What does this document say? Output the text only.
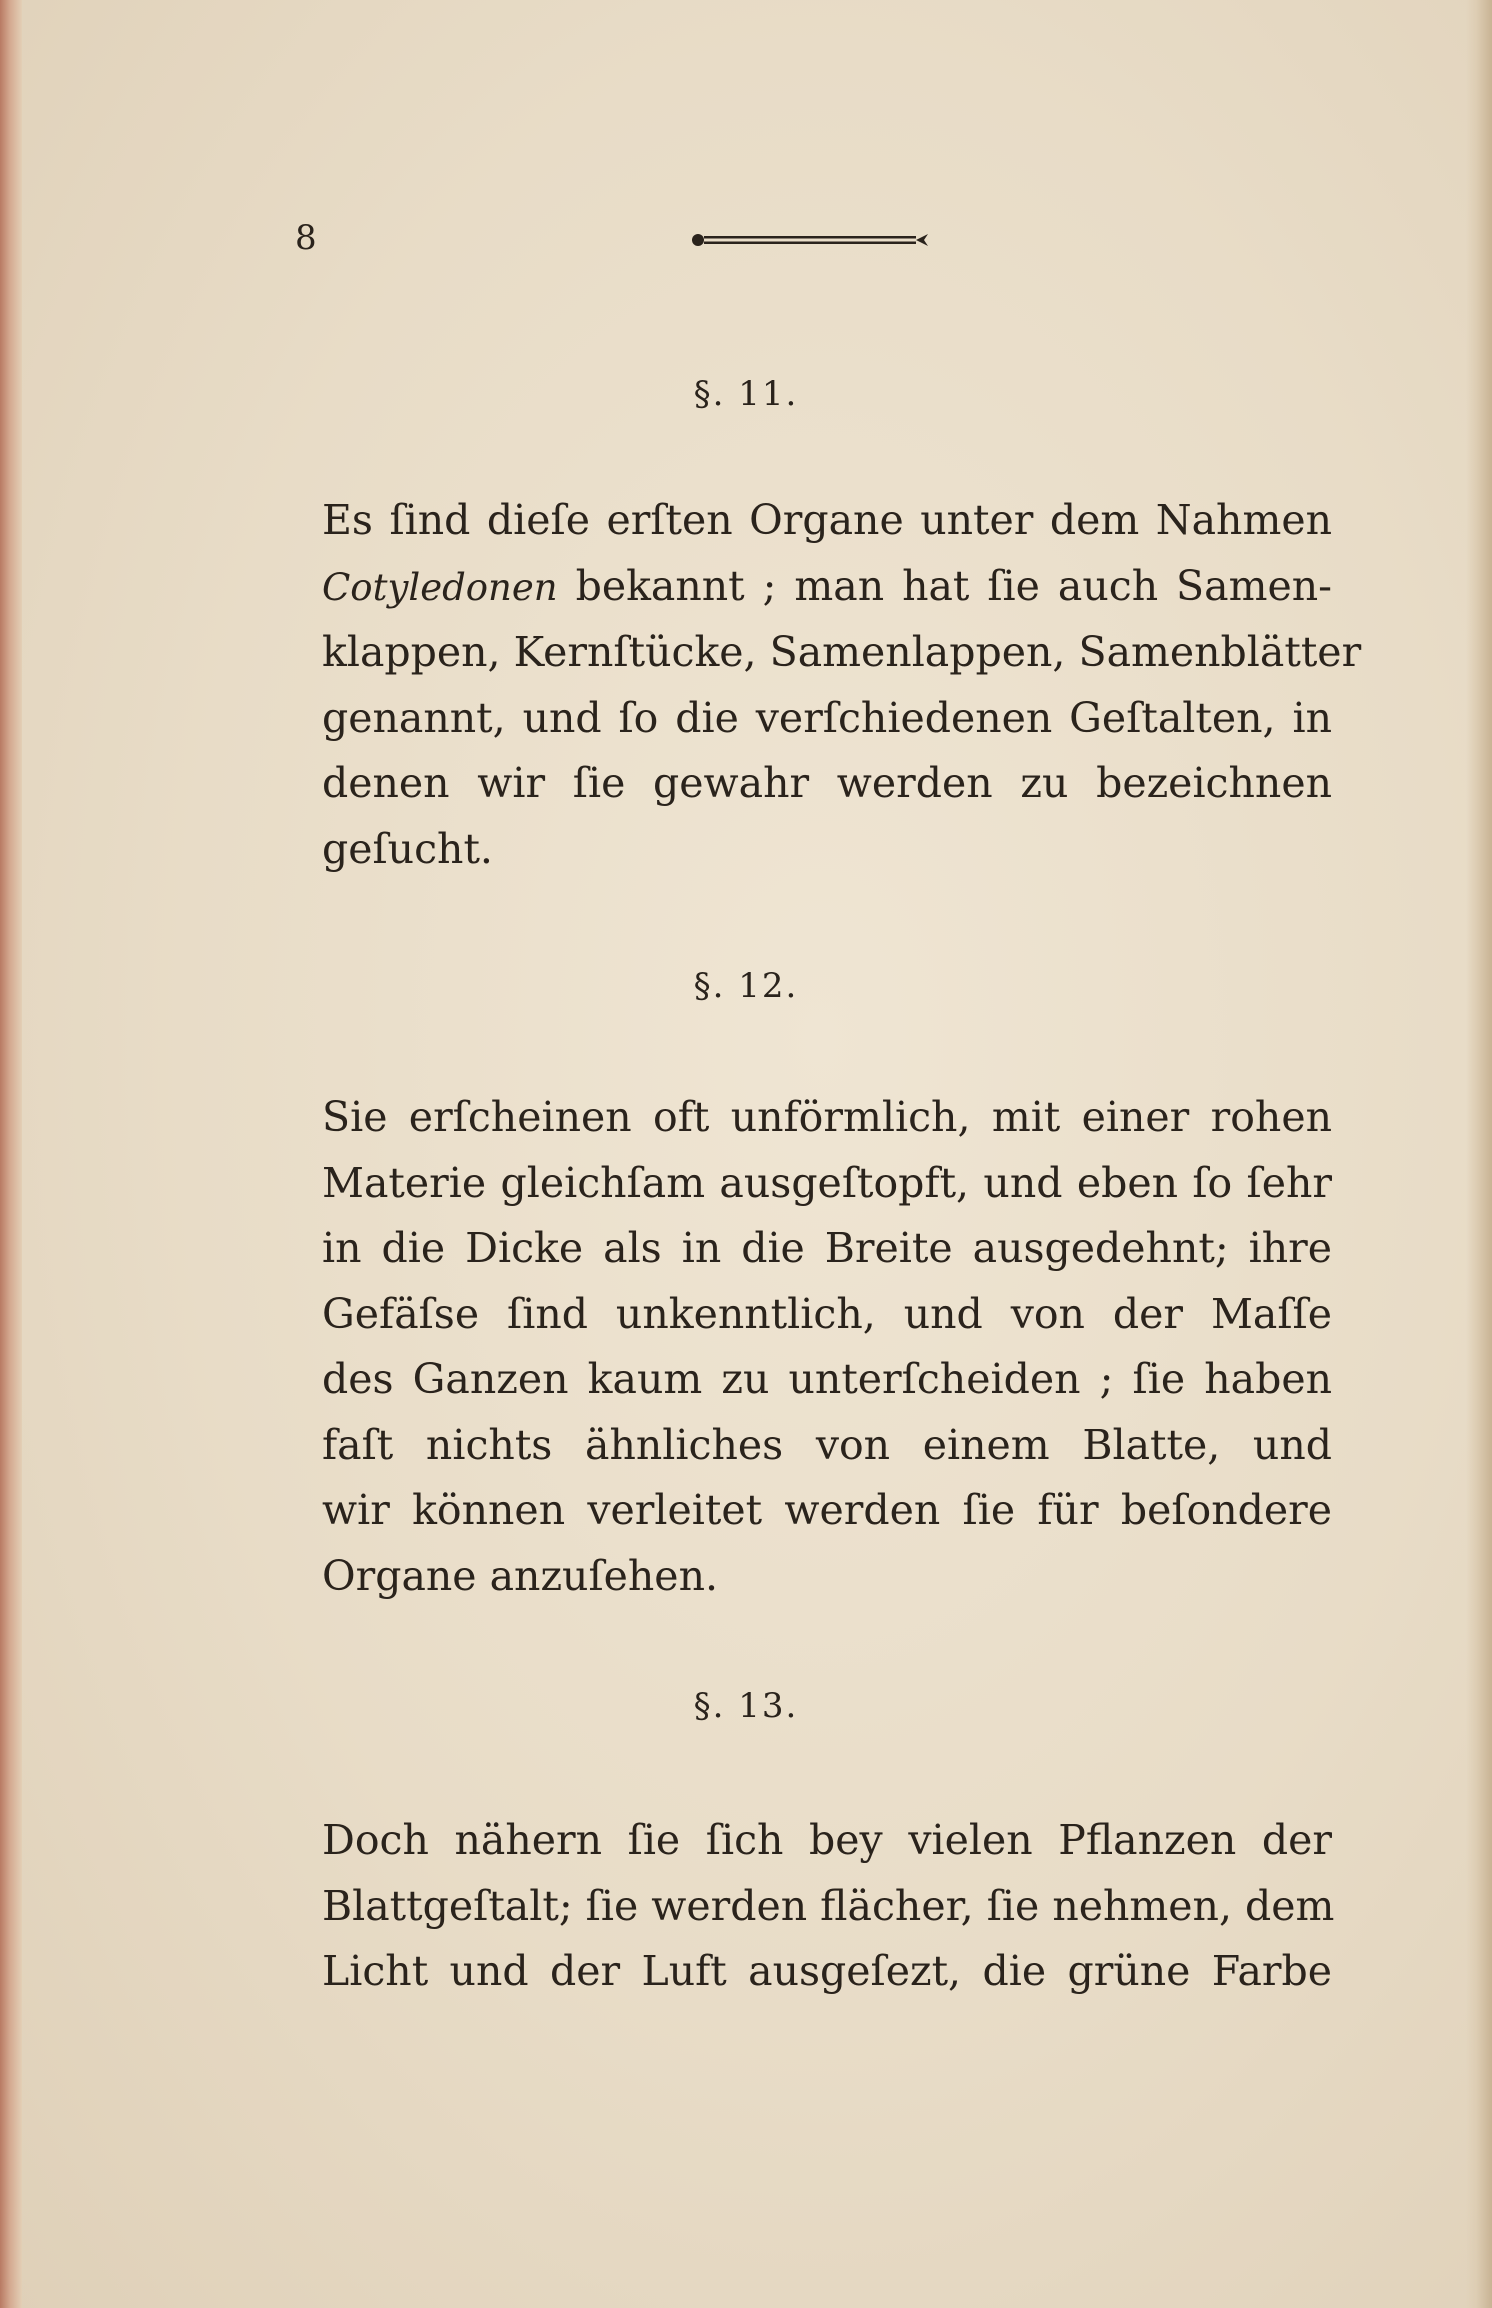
8
§. 11.
Es ſind dieſe erſten Organe unter dem Nahmen
Cotyledonen bekannt ; man hat ſie auch Samen-
klappen, Kernſtücke, Samenlappen, Samenblätter
genannt, und ſo die verſchiedenen Geſtalten, in
denen wir ſie gewahr werden zu bezeichnen
geſucht.
§. 12.
Sie erſcheinen oft unförmlich, mit einer rohen
Materie gleichſam ausgeſtopft, und eben ſo ſehr
in die Dicke als in die Breite ausgedehnt; ihre
Gefäſse ſind unkenntlich, und von der Maſſe
des Ganzen kaum zu unterſcheiden ; ſie haben
faſt nichts ähnliches von einem Blatte, und
wir können verleitet werden ſie für beſondere
Organe anzuſehen.
§. 13.
Doch nähern ſie ſich bey vielen Pflanzen der
Blattgeſtalt; ſie werden flächer, ſie nehmen, dem
Licht und der Luft ausgeſezt, die grüne Farbe
